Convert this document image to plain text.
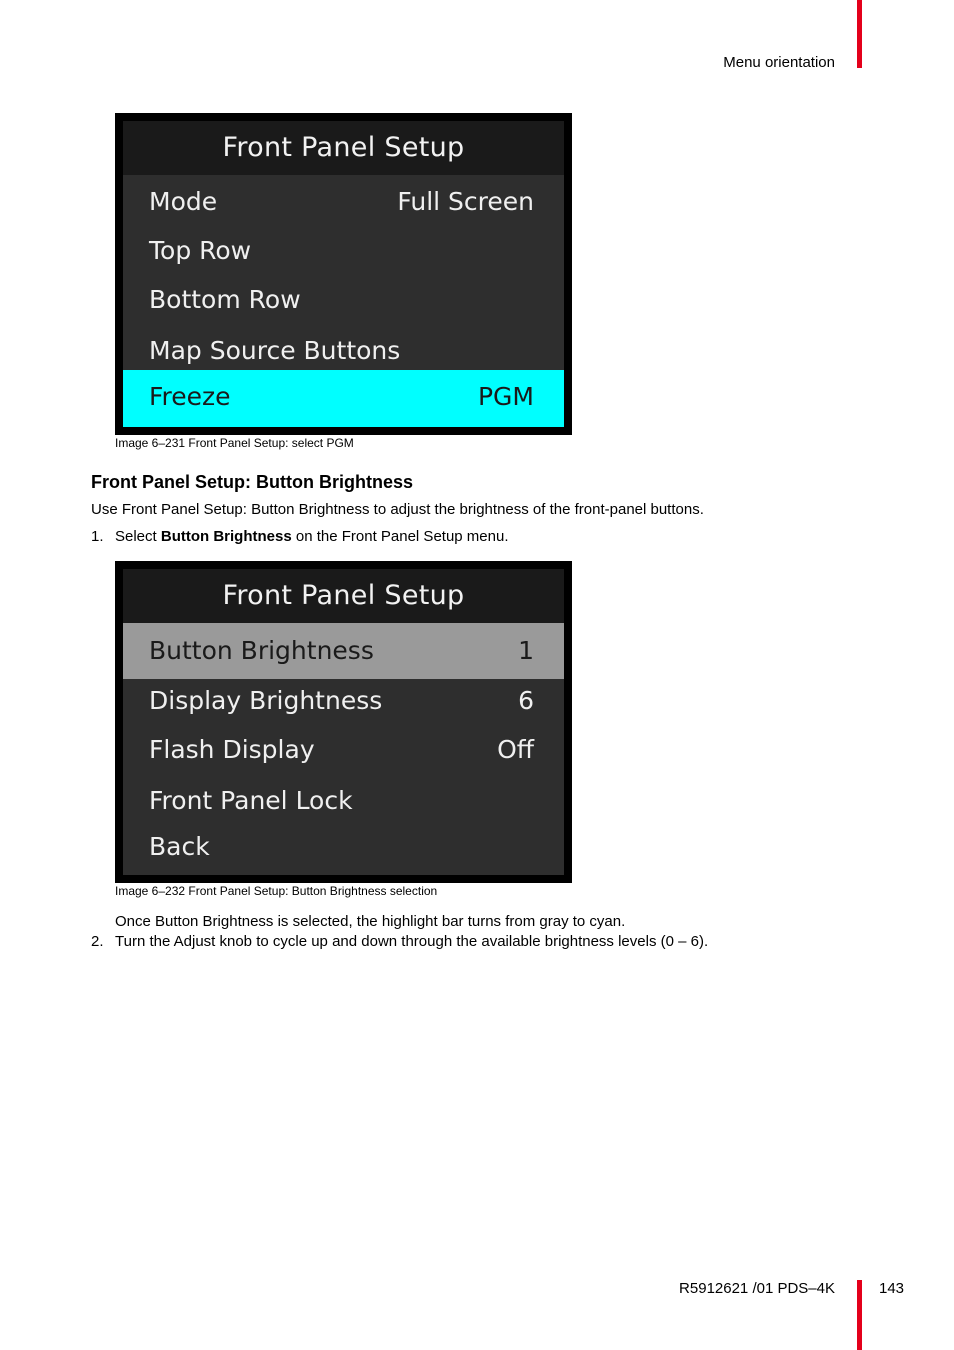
Menu orientation
Front Panel Setup
Mode	Full Screen
Top Row
Bottom Row
Map Source Buttons
Freeze	PGM
Image 6–231 Front Panel Setup: select PGM
Front Panel Setup: Button Brightness
Use Front Panel Setup: Button Brightness to adjust the brightness of the front-panel buttons.
1. Select Button Brightness on the Front Panel Setup menu.
Front Panel Setup
Button Brightness	1
Display Brightness	6
Flash Display	Off
Front Panel Lock
Back
Image 6–232 Front Panel Setup: Button Brightness selection
Once Button Brightness is selected, the highlight bar turns from gray to cyan.
2. Turn the Adjust knob to cycle up and down through the available brightness levels (0 – 6).
R5912621 /01 PDS–4K	143
